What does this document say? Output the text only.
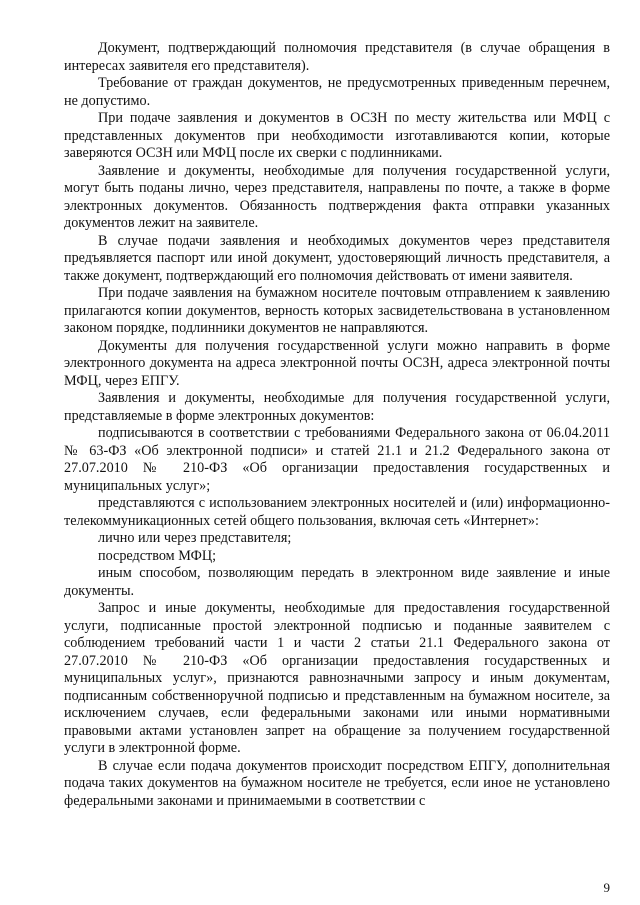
Документ, подтверждающий полномочия представителя (в случае обращения в интересах заявителя его представителя).

Требование от граждан документов, не предусмотренных приведенным перечнем, не допустимо.

При подаче заявления и документов в ОСЗН по месту жительства или МФЦ с представленных документов при необходимости изготавливаются копии, которые заверяются ОСЗН или МФЦ после их сверки с подлинниками.

Заявление и документы, необходимые для получения государственной услуги, могут быть поданы лично, через представителя, направлены по почте, а также в форме электронных документов. Обязанность подтверждения факта отправки указанных документов лежит на заявителе.

В случае подачи заявления и необходимых документов через представителя предъявляется паспорт или иной документ, удостоверяющий личность представителя, а также документ, подтверждающий его полномочия действовать от имени заявителя.

При подаче заявления на бумажном носителе почтовым отправлением к заявлению прилагаются копии документов, верность которых засвидетельствована в установленном законом порядке, подлинники документов не направляются.

Документы для получения государственной услуги можно направить в форме электронного документа на адреса электронной почты ОСЗН, адреса электронной почты МФЦ, через ЕПГУ.

Заявления и документы, необходимые для получения государственной услуги, представляемые в форме электронных документов:

подписываются в соответствии с требованиями Федерального закона от 06.04.2011 № 63-ФЗ «Об электронной подписи» и статей 21.1 и 21.2 Федерального закона от 27.07.2010 № 210-ФЗ «Об организации предоставления государственных и муниципальных услуг»;

представляются с использованием электронных носителей и (или) информационно-телекоммуникационных сетей общего пользования, включая сеть «Интернет»:

лично или через представителя;

посредством МФЦ;

иным способом, позволяющим передать в электронном виде заявление и иные документы.

Запрос и иные документы, необходимые для предоставления государственной услуги, подписанные простой электронной подписью и поданные заявителем с соблюдением требований части 1 и части 2 статьи 21.1 Федерального закона от 27.07.2010 № 210-ФЗ «Об организации предоставления государственных и муниципальных услуг», признаются равнозначными запросу и иным документам, подписанным собственноручной подписью и представленным на бумажном носителе, за исключением случаев, если федеральными законами или иными нормативными правовыми актами установлен запрет на обращение за получением государственной услуги в электронной форме.

В случае если подача документов происходит посредством ЕПГУ, дополнительная подача таких документов на бумажном носителе не требуется, если иное не установлено федеральными законами и принимаемыми в соответствии с

9
